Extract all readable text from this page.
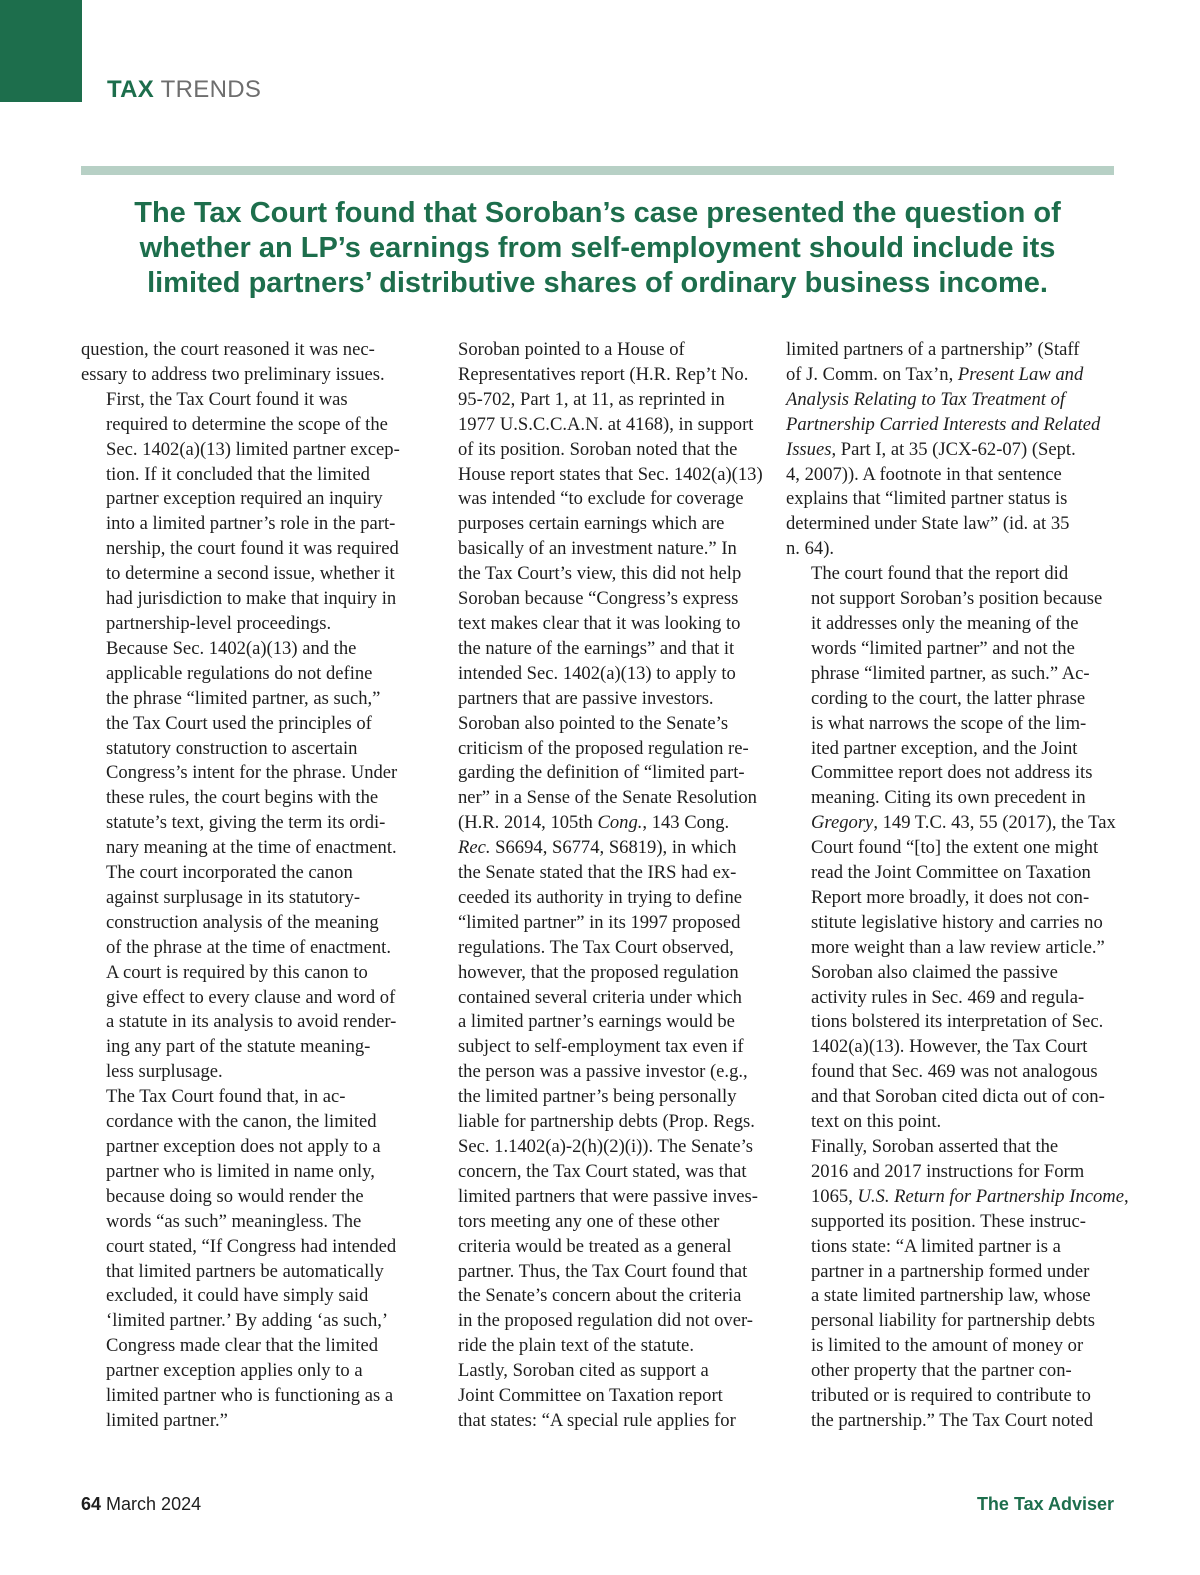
TAX TRENDS
The Tax Court found that Soroban’s case presented the question of
whether an LP’s earnings from self-employment should include its
limited partners’ distributive shares of ordinary business income.

question, the court reasoned it was nec-
essary to address two preliminary issues.

First, the Tax Court found it was
required to determine the scope of the
Sec. 1402(a)(13) limited partner excep-
tion. If it concluded that the limited
partner exception required an inquiry
into a limited partner’s role in the part-
nership, the court found it was required
to determine a second issue, whether it
had jurisdiction to make that inquiry in
partnership-level proceedings.

Because Sec. 1402(a)(13) and the
applicable regulations do not define
the phrase “limited partner, as such,”
the Tax Court used the principles of
statutory construction to ascertain
Congress’s intent for the phrase. Under
these rules, the court begins with the
statute’s text, giving the term its ordi-
nary meaning at the time of enactment.
The court incorporated the canon
against surplusage in its statutory-
construction analysis of the meaning
of the phrase at the time of enactment.
A court is required by this canon to
give effect to every clause and word of
a statute in its analysis to avoid render-
ing any part of the statute meaning-
less surplusage.

The Tax Court found that, in ac-
cordance with the canon, the limited
partner exception does not apply to a
partner who is limited in name only,
because doing so would render the
words “as such” meaningless. The
court stated, “If Congress had intended
that limited partners be automatically
excluded, it could have simply said
‘limited partner.’ By adding ‘as such,’
Congress made clear that the limited
partner exception applies only to a
limited partner who is functioning as a
limited partner.”

Soroban pointed to a House of
Representatives report (H.R. Rep’t No.
95-702, Part 1, at 11, as reprinted in
1977 U.S.C.C.A.N. at 4168), in support
of its position. Soroban noted that the
House report states that Sec. 1402(a)(13)
was intended “to exclude for coverage
purposes certain earnings which are
basically of an investment nature.” In
the Tax Court’s view, this did not help
Soroban because “Congress’s express
text makes clear that it was looking to
the nature of the earnings” and that it
intended Sec. 1402(a)(13) to apply to
partners that are passive investors.

Soroban also pointed to the Senate’s
criticism of the proposed regulation re-
garding the definition of “limited part-
ner” in a Sense of the Senate Resolution
(H.R. 2014, 105th Cong., 143 Cong.
Rec. S6694, S6774, S6819), in which
the Senate stated that the IRS had ex-
ceeded its authority in trying to define
“limited partner” in its 1997 proposed
regulations. The Tax Court observed,
however, that the proposed regulation
contained several criteria under which
a limited partner’s earnings would be
subject to self-employment tax even if
the person was a passive investor (e.g.,
the limited partner’s being personally
liable for partnership debts (Prop. Regs.
Sec. 1.1402(a)-2(h)(2)(i)). The Senate’s
concern, the Tax Court stated, was that
limited partners that were passive inves-
tors meeting any one of these other
criteria would be treated as a general
partner. Thus, the Tax Court found that
the Senate’s concern about the criteria
in the proposed regulation did not over-
ride the plain text of the statute.

Lastly, Soroban cited as support a
Joint Committee on Taxation report
that states: “A special rule applies for

limited partners of a partnership” (Staff
of J. Comm. on Tax’n, Present Law and
Analysis Relating to Tax Treatment of
Partnership Carried Interests and Related
Issues, Part I, at 35 (JCX-62-07) (Sept.
4, 2007)). A footnote in that sentence
explains that “limited partner status is
determined under State law” (id. at 35
n. 64).

The court found that the report did
not support Soroban’s position because
it addresses only the meaning of the
words “limited partner” and not the
phrase “limited partner, as such.” Ac-
cording to the court, the latter phrase
is what narrows the scope of the lim-
ited partner exception, and the Joint
Committee report does not address its
meaning. Citing its own precedent in
Gregory, 149 T.C. 43, 55 (2017), the Tax
Court found “[to] the extent one might
read the Joint Committee on Taxation
Report more broadly, it does not con-
stitute legislative history and carries no
more weight than a law review article.”

Soroban also claimed the passive
activity rules in Sec. 469 and regula-
tions bolstered its interpretation of Sec.
1402(a)(13). However, the Tax Court
found that Sec. 469 was not analogous
and that Soroban cited dicta out of con-
text on this point.

Finally, Soroban asserted that the
2016 and 2017 instructions for Form
1065, U.S. Return for Partnership Income,
supported its position. These instruc-
tions state: “A limited partner is a
partner in a partnership formed under
a state limited partnership law, whose
personal liability for partnership debts
is limited to the amount of money or
other property that the partner con-
tributed or is required to contribute to
the partnership.” The Tax Court noted

64 March 2024	The Tax Adviser
